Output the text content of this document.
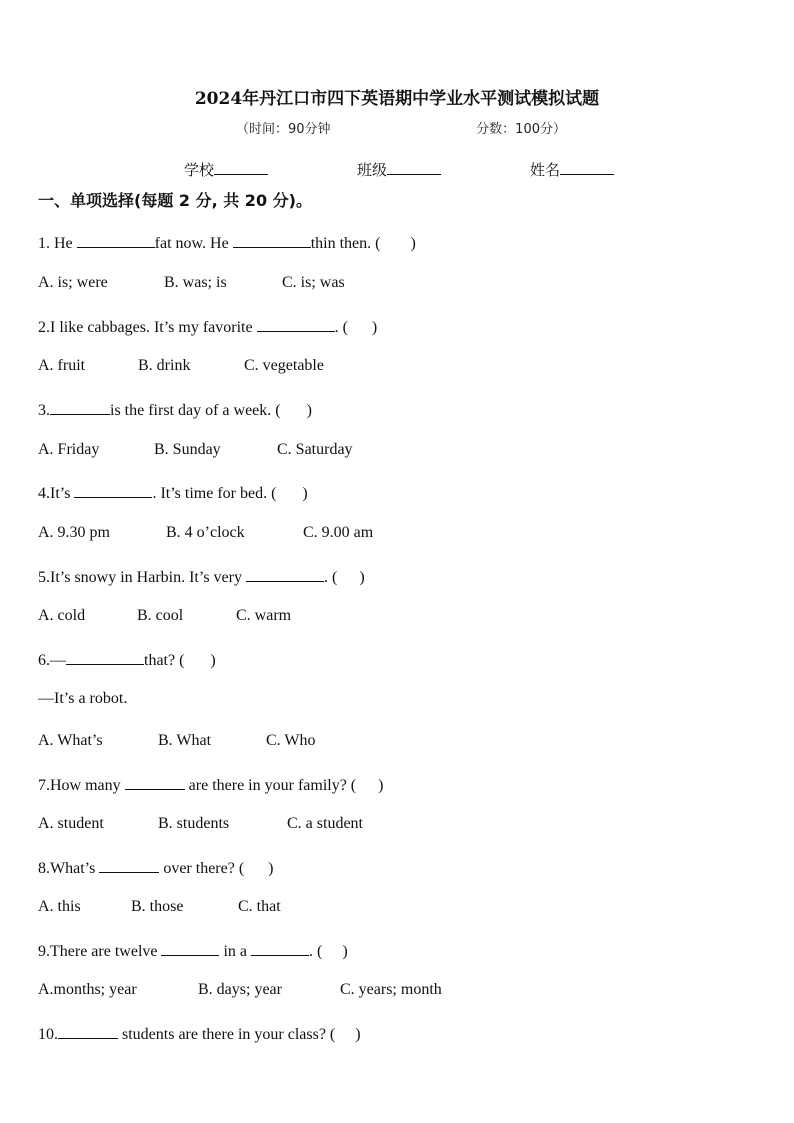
2024年丹江口市四下英语期中学业水平测试模拟试题
（时间：90分钟	分数：100分）
学校	班级	姓名
一、单项选择(每题 2 分, 共 20 分)。
1. He	fat now. He	thin then. ( )
A. is; were	B. was; is	C. is; was
2.I like cabbages. It’s my favorite	. ( )
A. fruit	B. drink	C. vegetable
3.	is the first day of a week. ( )
A. Friday	B. Sunday	C. Saturday
4.It’s	. It’s time for bed. ( )
A. 9.30 pm	B. 4 o’clock	C. 9.00 am
5.It’s snowy in Harbin. It’s very	. ( )
A. cold	B. cool	C. warm
6.—	that? ( )
—It’s a robot.
A. What’s	B. What	C. Who
7.How many	are there in your family? ( )
A. student	B. students	C. a student
8.What’s	over there? ( )
A. this	B. those	C. that
9.There are twelve	in a	. ( )
A.months; year	B. days; year	C. years; month
10.	students are there in your class? ( )
